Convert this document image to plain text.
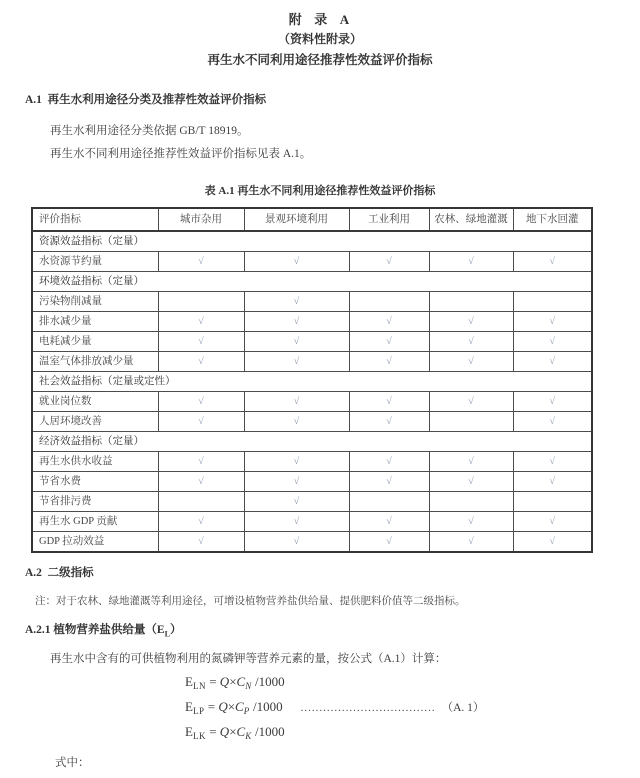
附  录  A
（资料性附录）
再生水不同利用途径推荐性效益评价指标
A.1  再生水利用途径分类及推荐性效益评价指标
再生水利用途径分类依据 GB/T 18919。
再生水不同利用途径推荐性效益评价指标见表 A.1。
表 A.1 再生水不同利用途径推荐性效益评价指标
评价指标	城市杂用	景观环境利用	工业利用	农林、绿地灌溉	地下水回灌
资源效益指标（定量）					
水资源节约量	√	√	√	√	√
环境效益指标（定量）					
污染物削减量		√			
排水减少量	√	√	√	√	√
电耗减少量	√	√	√	√	√
温室气体排放减少量	√	√	√	√	√
社会效益指标（定量或定性）					
就业岗位数	√	√	√	√	√
人居环境改善	√	√	√		√
经济效益指标（定量）					
再生水供水收益	√	√	√	√	√
节省水费	√	√	√	√	√
节省排污费		√			
再生水 GDP 贡献	√	√	√	√	√
GDP 拉动效益	√	√	√	√	√
A.2  二级指标
注：对于农林、绿地灌溉等利用途径，可增设植物营养盐供给量、提供肥料价值等二级指标。
A.2.1 植物营养盐供给量$(E_L)$
再生水中含有的可供植物利用的氮磷钾等营养元素的量，按公式（A.1）计算：
$E_{LN} = Q \times C_N$ /1000
$E_{LP} = Q \times C_P$ /1000 .................................... （A. 1）
$E_{LK} = Q \times C_K$ /1000
式中：
